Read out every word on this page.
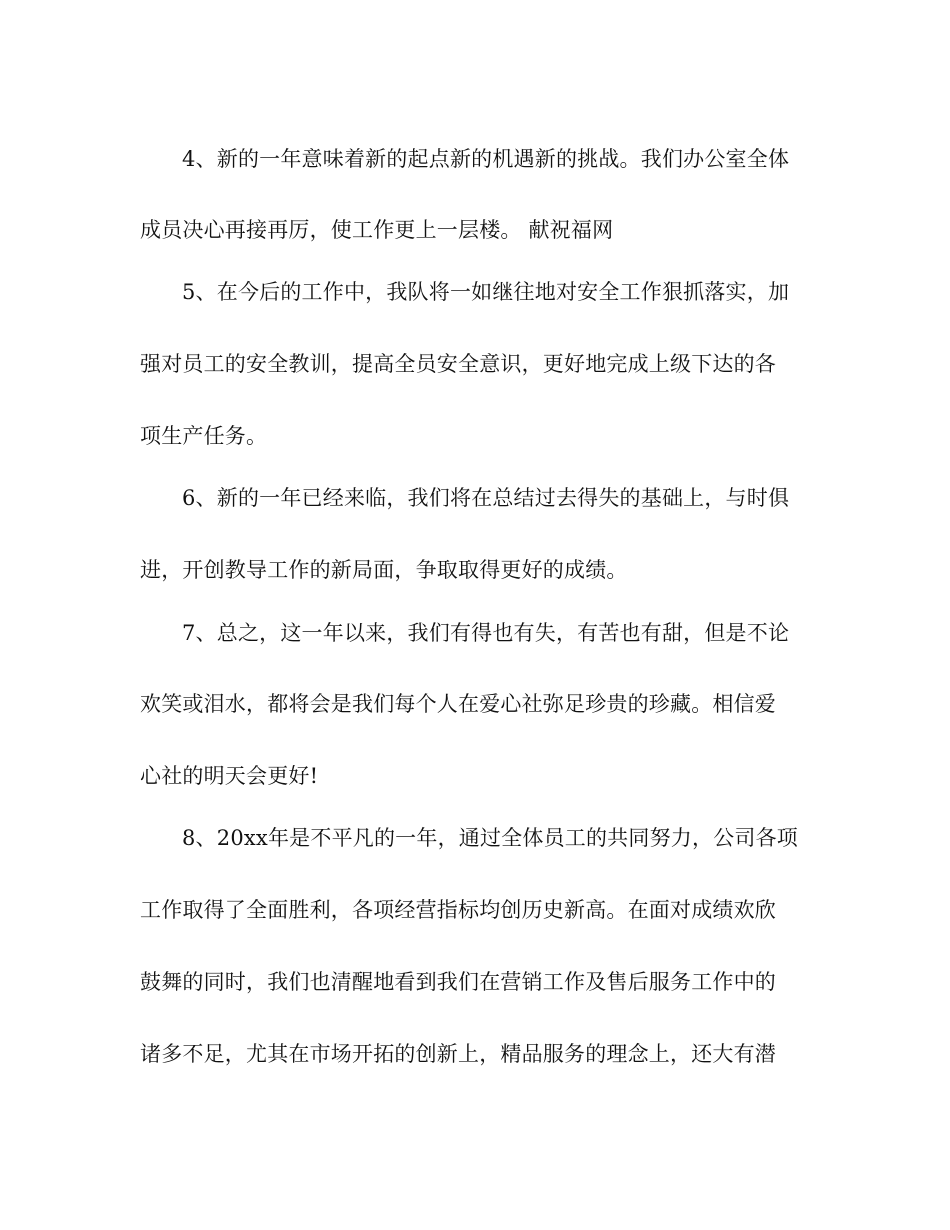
4、新的一年意味着新的起点新的机遇新的挑战。我们办公室全体
成员决心再接再厉，使工作更上一层楼。 献祝福网
5、在今后的工作中，我队将一如继往地对安全工作狠抓落实，加
强对员工的安全教训，提高全员安全意识，更好地完成上级下达的各
项生产任务。
6、新的一年已经来临，我们将在总结过去得失的基础上，与时俱
进，开创教导工作的新局面，争取取得更好的成绩。
7、总之，这一年以来，我们有得也有失，有苦也有甜，但是不论
欢笑或泪水，都将会是我们每个人在爱心社弥足珍贵的珍藏。相信爱
心社的明天会更好!
8、20xx年是不平凡的一年，通过全体员工的共同努力，公司各项
工作取得了全面胜利，各项经营指标均创历史新高。在面对成绩欢欣
鼓舞的同时，我们也清醒地看到我们在营销工作及售后服务工作中的
诸多不足，尤其在市场开拓的创新上，精品服务的理念上，还大有潜
